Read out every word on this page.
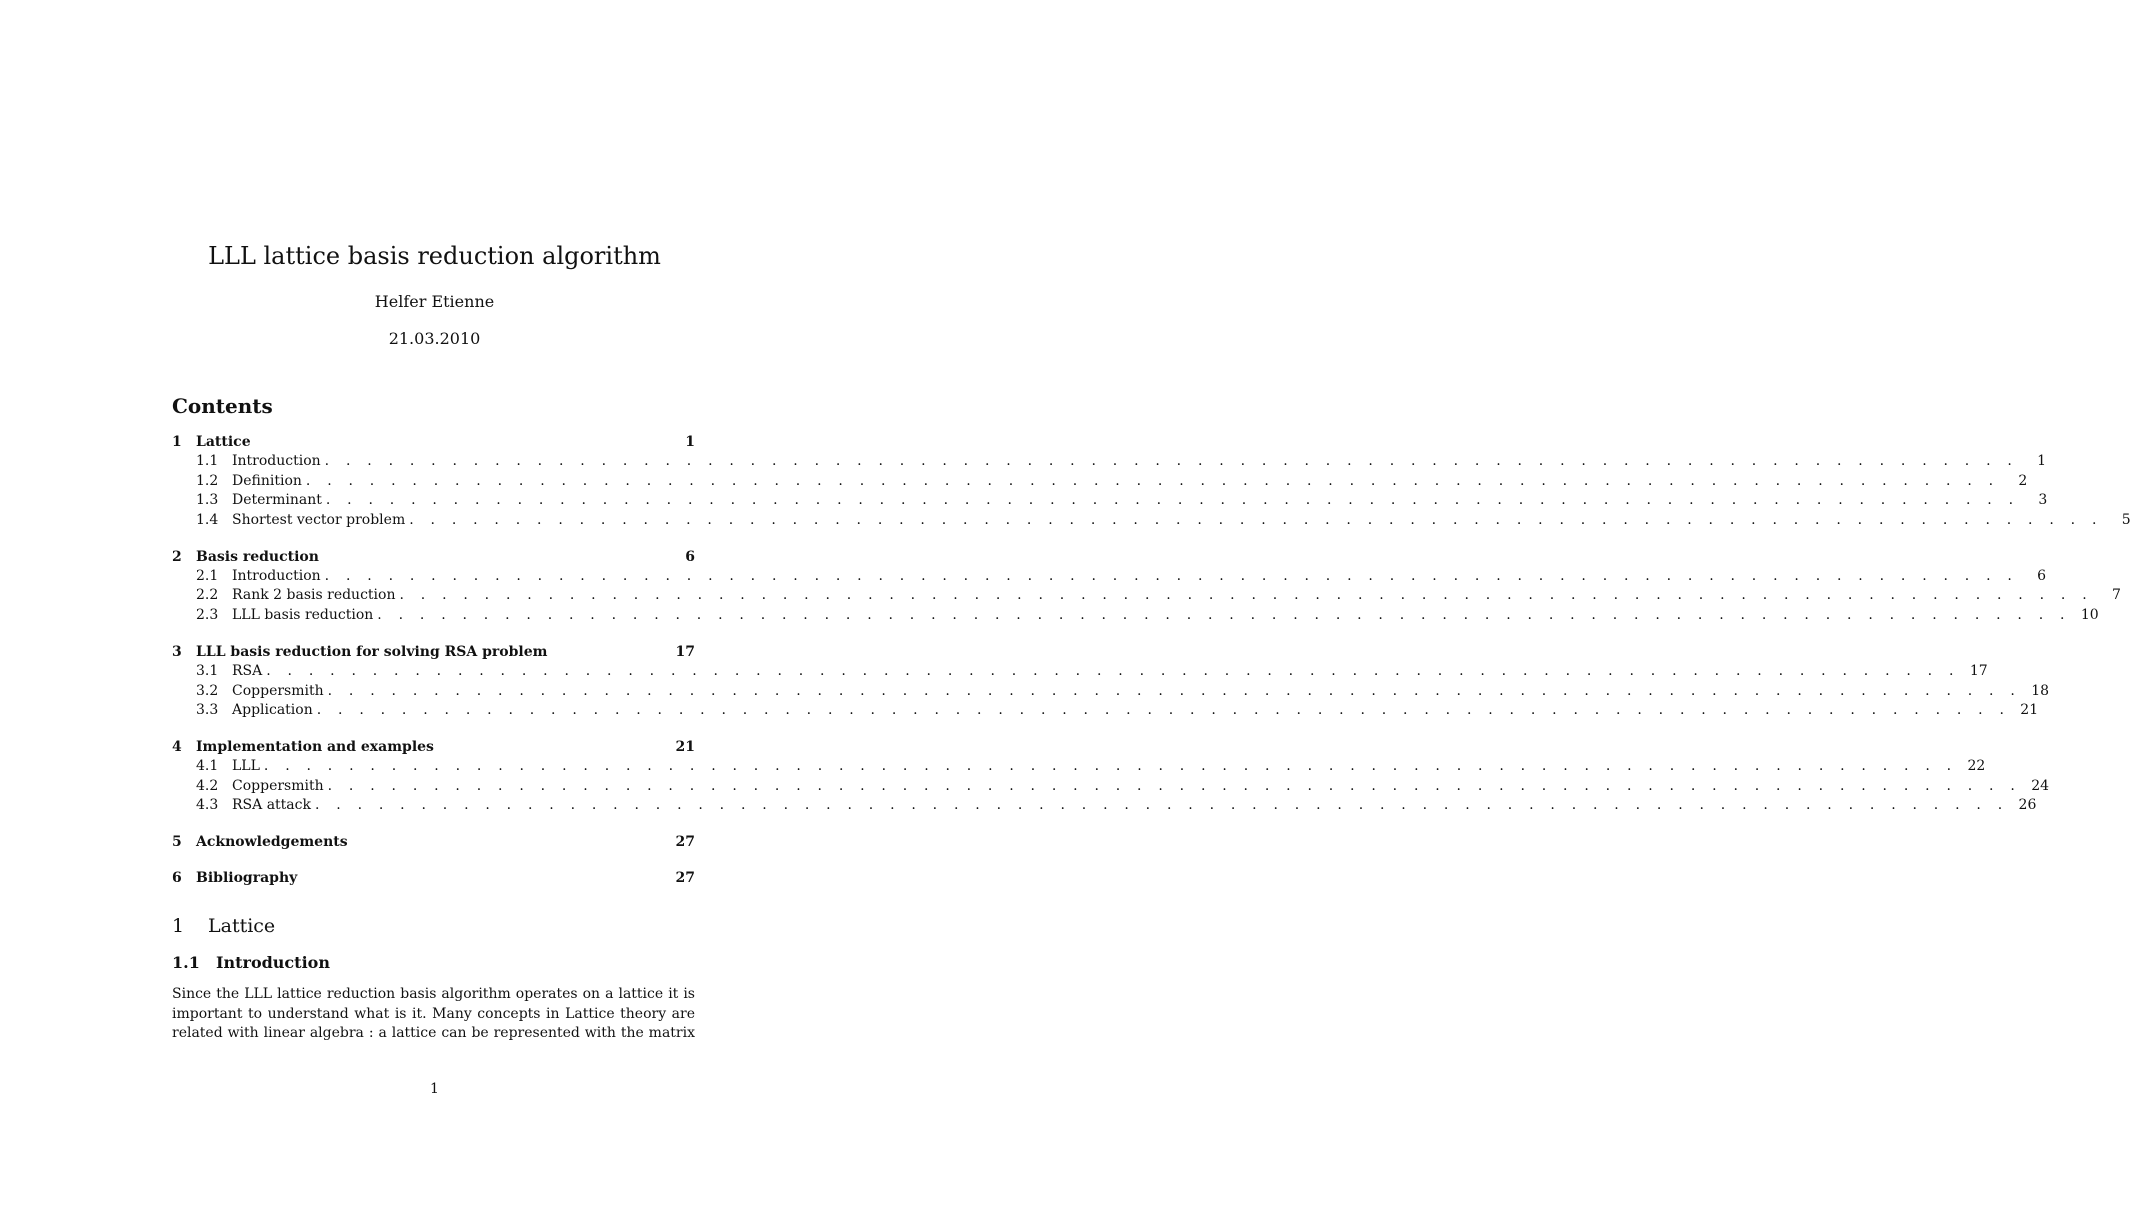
LLL lattice basis reduction algorithm
Helfer Etienne
21.03.2010
Contents
1	Lattice	1
1.1 Introduction . . . . . . . . . . . . . . . . . . . . . . . . . . . . . . . . . . . . . . . . . . . . . . . . . . . . . . . . . . . . . . . . . . . . . . . . . . . . . . . .	1
1.2 Definition . . . . . . . . . . . . . . . . . . . . . . . . . . . . . . . . . . . . . . . . . . . . . . . . . . . . . . . . . . . . . . . . . . . . . . . . . . . . . . . .	2
1.3 Determinant . . . . . . . . . . . . . . . . . . . . . . . . . . . . . . . . . . . . . . . . . . . . . . . . . . . . . . . . . . . . . . . . . . . . . . . . . . . . . . . .	3
1.4 Shortest vector problem . . . . . . . . . . . . . . . . . . . . . . . . . . . . . . . . . . . . . . . . . . . . . . . . . . . . . . . . . . . . . . . . . . . . . . . . . . . . . . . .	5
2	Basis reduction	6
2.1 Introduction . . . . . . . . . . . . . . . . . . . . . . . . . . . . . . . . . . . . . . . . . . . . . . . . . . . . . . . . . . . . . . . . . . . . . . . . . . . . . . . .	6
2.2 Rank 2 basis reduction . . . . . . . . . . . . . . . . . . . . . . . . . . . . . . . . . . . . . . . . . . . . . . . . . . . . . . . . . . . . . . . . . . . . . . . . . . . . . . . .	7
2.3 LLL basis reduction . . . . . . . . . . . . . . . . . . . . . . . . . . . . . . . . . . . . . . . . . . . . . . . . . . . . . . . . . . . . . . . . . . . . . . . . . . . . . . . . 10
3	LLL basis reduction for solving RSA problem	17
3.1 RSA . . . . . . . . . . . . . . . . . . . . . . . . . . . . . . . . . . . . . . . . . . . . . . . . . . . . . . . . . . . . . . . . . . . . . . . . . . . . . . . . 17
3.2 Coppersmith . . . . . . . . . . . . . . . . . . . . . . . . . . . . . . . . . . . . . . . . . . . . . . . . . . . . . . . . . . . . . . . . . . . . . . . . . . . . . . . . 18
3.3 Application . . . . . . . . . . . . . . . . . . . . . . . . . . . . . . . . . . . . . . . . . . . . . . . . . . . . . . . . . . . . . . . . . . . . . . . . . . . . . . . . 21
4	Implementation and examples	21
4.1 LLL . . . . . . . . . . . . . . . . . . . . . . . . . . . . . . . . . . . . . . . . . . . . . . . . . . . . . . . . . . . . . . . . . . . . . . . . . . . . . . . . 22
4.2 Coppersmith . . . . . . . . . . . . . . . . . . . . . . . . . . . . . . . . . . . . . . . . . . . . . . . . . . . . . . . . . . . . . . . . . . . . . . . . . . . . . . . . 24
4.3 RSA attack . . . . . . . . . . . . . . . . . . . . . . . . . . . . . . . . . . . . . . . . . . . . . . . . . . . . . . . . . . . . . . . . . . . . . . . . . . . . . . . . 26
5	Acknowledgements	27
6	Bibliography	27
1	Lattice
1.1	Introduction
Since the LLL lattice reduction basis algorithm operates on a lattice it is
important to understand what is it. Many concepts in Lattice theory are
related with linear algebra : a lattice can be represented with the matrix
1
